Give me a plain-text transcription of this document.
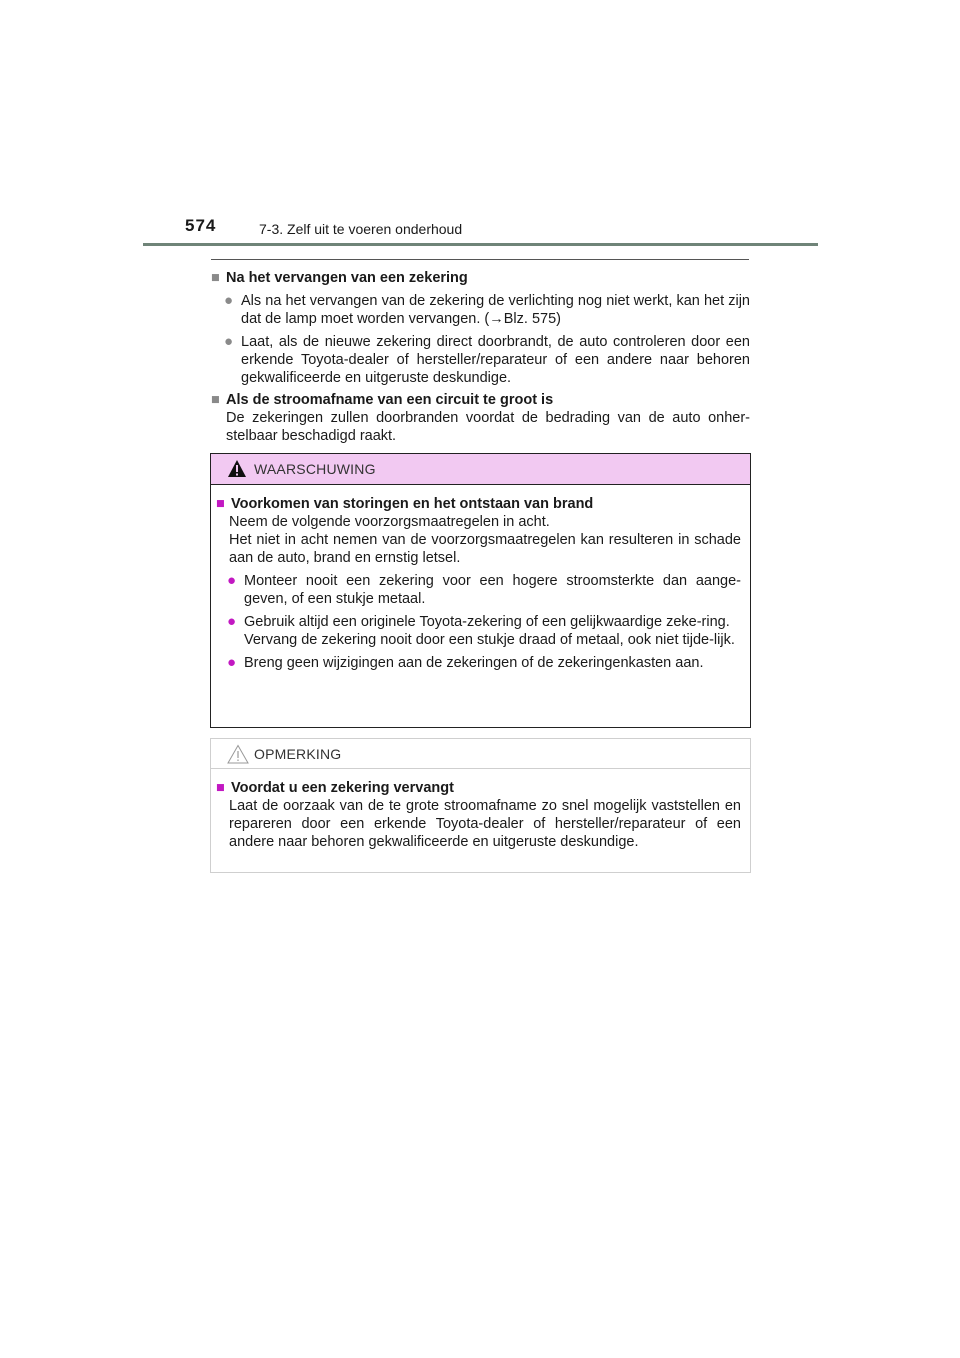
574	7-3. Zelf uit te voeren onderhoud
■ Na het vervangen van een zekering
● Als na het vervangen van de zekering de verlichting nog niet werkt, kan het zijn dat de lamp moet worden vervangen. (→Blz. 575)
● Laat, als de nieuwe zekering direct doorbrandt, de auto controleren door een erkende Toyota-dealer of hersteller/reparateur of een andere naar behoren gekwalificeerde en uitgeruste deskundige.
■ Als de stroomafname van een circuit te groot is
De zekeringen zullen doorbranden voordat de bedrading van de auto onher-stelbaar beschadigd raakt.
WAARSCHUWING
■ Voorkomen van storingen en het ontstaan van brand
Neem de volgende voorzorgsmaatregelen in acht.
Het niet in acht nemen van de voorzorgsmaatregelen kan resulteren in schade aan de auto, brand en ernstig letsel.
● Monteer nooit een zekering voor een hogere stroomsterkte dan aange-geven, of een stukje metaal.
● Gebruik altijd een originele Toyota-zekering of een gelijkwaardige zeke-ring.
Vervang de zekering nooit door een stukje draad of metaal, ook niet tijde-lijk.
● Breng geen wijzigingen aan de zekeringen of de zekeringenkasten aan.
OPMERKING
■ Voordat u een zekering vervangt
Laat de oorzaak van de te grote stroomafname zo snel mogelijk vaststellen en repareren door een erkende Toyota-dealer of hersteller/reparateur of een andere naar behoren gekwalificeerde en uitgeruste deskundige.
